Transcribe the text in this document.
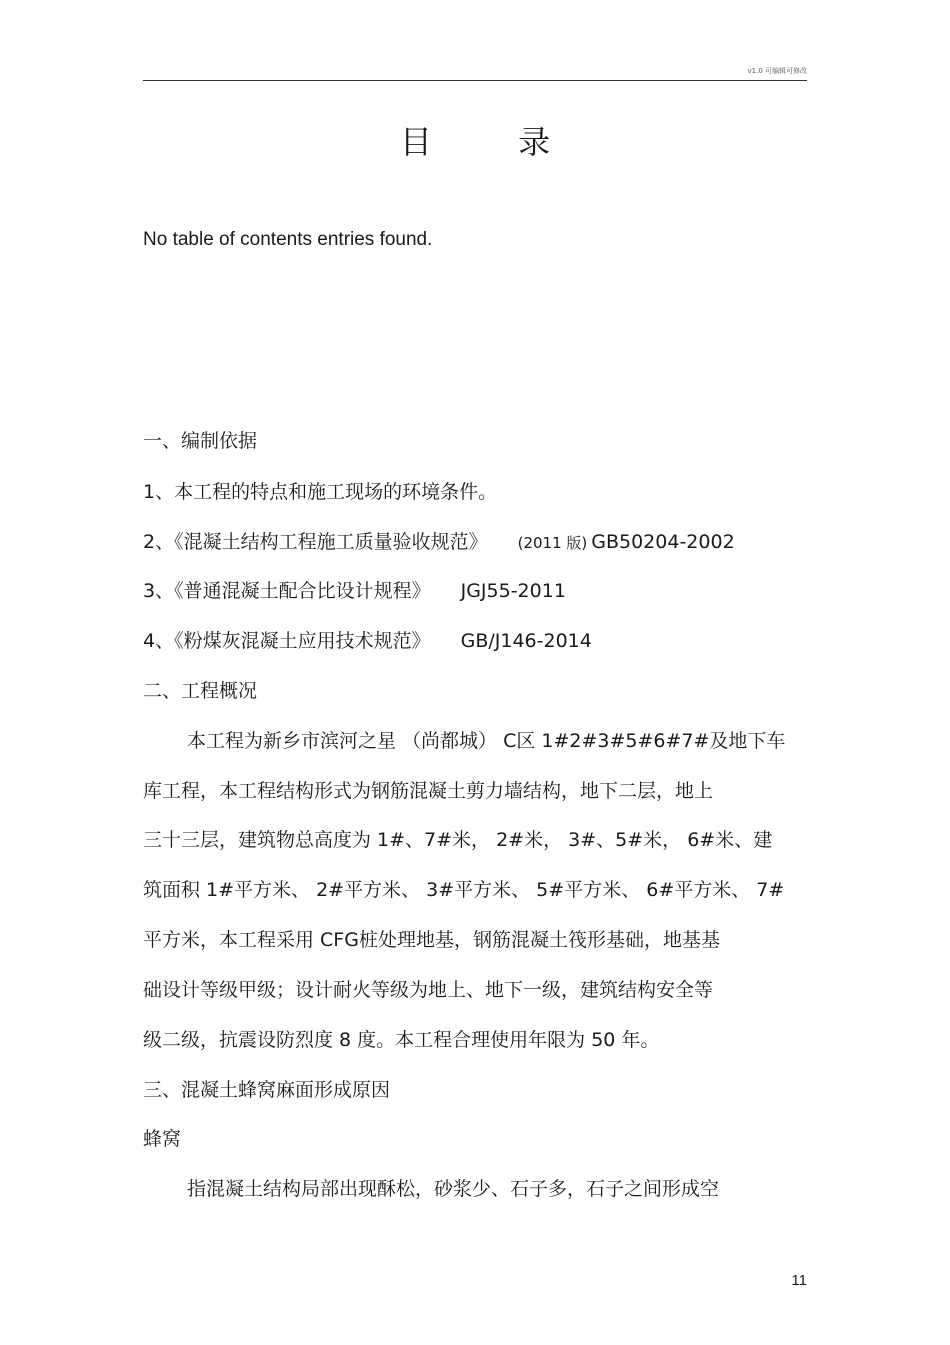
v1.0 可编辑可修改
目 录
No table of contents entries found.
一、编制依据
1、本工程的特点和施工现场的环境条件。
2、《混凝土结构工程施工质量验收规范》 (2011 版) GB50204-2002
3、《普通混凝土配合比设计规程》 JGJ55-2011
4、《粉煤灰混凝土应用技术规范》 GB/J146-2014
二、工程概况
本工程为新乡市滨河之星 （尚都城） C区 1#2#3#5#6#7#及地下车
库工程，本工程结构形式为钢筋混凝土剪力墙结构，地下二层，地上
三十三层，建筑物总高度为 1#、7#米， 2#米， 3#、5#米， 6#米、建
筑面积 1#平方米、 2#平方米、 3#平方米、 5#平方米、 6#平方米、 7#
平方米，本工程采用 CFG桩处理地基，钢筋混凝土筏形基础，地基基
础设计等级甲级；设计耐火等级为地上、地下一级，建筑结构安全等
级二级，抗震设防烈度 8 度。本工程合理使用年限为 50 年。
三、混凝土蜂窝麻面形成原因
蜂窝
指混凝土结构局部出现酥松，砂浆少、石子多，石子之间形成空
11
